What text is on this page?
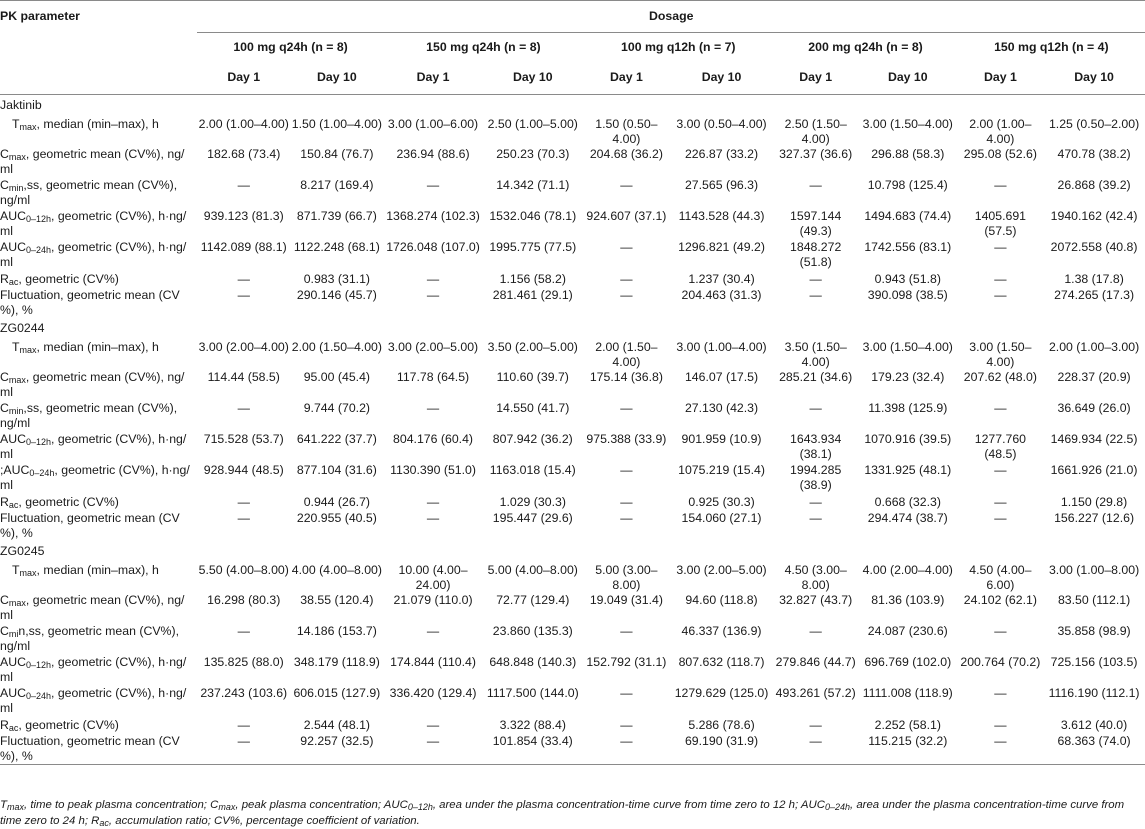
PK parameter	Dosage									
	100 mg q24h (n = 8)		150 mg q24h (n = 8)		100 mg q12h (n = 7)		200 mg q24h (n = 8)		150 mg q12h (n = 4)	
	Day 1	Day 10	Day 1	Day 10	Day 1	Day 10	Day 1	Day 10	Day 1	Day 10
Jaktinib										
$T_{max}$, median (min–max), h	2.00 (1.00–4.00)	1.50 (1.00–4.00)	3.00 (1.00–6.00)	2.50 (1.00–5.00)	1.50 (0.50–4.00)	3.00 (0.50–4.00)	2.50 (1.50–4.00)	3.00 (1.50–4.00)	2.00 (1.00–4.00)	1.25 (0.50–2.00)
$C_{max}$, geometric mean (CV%), ng/ ml	182.68 (73.4)	150.84 (76.7)	236.94 (88.6)	250.23 (70.3)	204.68 (36.2)	226.87 (33.2)	327.37 (36.6)	296.88 (58.3)	295.08 (52.6)	470.78 (38.2)
$C_{min},ss$, geometric mean (CV%), ng/ml	—	8.217 (169.4)	—	14.342 (71.1)	—	27.565 (96.3)	—	10.798 (125.4)	—	26.868 (39.2)
$AUC_{0-12h}$, geometric (CV%), h·ng/ ml	939.123 (81.3)	871.739 (66.7)	1368.274 (102.3)	1532.046 (78.1)	924.607 (37.1)	1143.528 (44.3)	1597.144 (49.3)	1494.683 (74.4)	1405.691 (57.5)	1940.162 (42.4)
$AUC_{0-24h}$, geometric (CV%), h·ng/ ml	1142.089 (88.1)	1122.248 (68.1)	1726.048 (107.0)	1995.775 (77.5)	—	1296.821 (49.2)	1848.272 (51.8)	1742.556 (83.1)	—	2072.558 (40.8)
$R_{ac}$, geometric (CV%)	—	0.983 (31.1)	—	1.156 (58.2)	—	1.237 (30.4)	—	0.943 (51.8)	—	1.38 (17.8)
Fluctuation, geometric mean (CV %), %	—	290.146 (45.7)	—	281.461 (29.1)	—	204.463 (31.3)	—	390.098 (38.5)	—	274.265 (17.3)
ZG0244										
$T_{max}$, median (min–max), h	3.00 (2.00–4.00)	2.00 (1.50–4.00)	3.00 (2.00–5.00)	3.50 (2.00–5.00)	2.00 (1.50–4.00)	3.00 (1.00–4.00)	3.50 (1.50–4.00)	3.00 (1.50–4.00)	3.00 (1.50–4.00)	2.00 (1.00–3.00)
$C_{max}$, geometric mean (CV%), ng/ ml	114.44 (58.5)	95.00 (45.4)	117.78 (64.5)	110.60 (39.7)	175.14 (36.8)	146.07 (17.5)	285.21 (34.6)	179.23 (32.4)	207.62 (48.0)	228.37 (20.9)
$C_{min},ss$, geometric mean (CV%), ng/ml	—	9.744 (70.2)	—	14.550 (41.7)	—	27.130 (42.3)	—	11.398 (125.9)	—	36.649 (26.0)
$AUC_{0-12h}$, geometric (CV%), h·ng/ ml	715.528 (53.7)	641.222 (37.7)	804.176 (60.4)	807.942 (36.2)	975.388 (33.9)	901.959 (10.9)	1643.934 (38.1)	1070.916 (39.5)	1277.760 (48.5)	1469.934 (22.5)
$;AUC_{0-24h}$, geometric (CV%), h·ng/ ml	928.944 (48.5)	877.104 (31.6)	1130.390 (51.0)	1163.018 (15.4)	—	1075.219 (15.4)	1994.285 (38.9)	1331.925 (48.1)	—	1661.926 (21.0)
$R_{ac}$, geometric (CV%)	—	0.944 (26.7)	—	1.029 (30.3)	—	0.925 (30.3)	—	0.668 (32.3)	—	1.150 (29.8)
Fluctuation, geometric mean (CV %), %	—	220.955 (40.5)	—	195.447 (29.6)	—	154.060 (27.1)	—	294.474 (38.7)	—	156.227 (12.6)
ZG0245										
$T_{max}$, median (min–max), h	5.50 (4.00–8.00)	4.00 (4.00–8.00)	10.00 (4.00–24.00)	5.00 (4.00–8.00)	5.00 (3.00–8.00)	3.00 (2.00–5.00)	4.50 (3.00–8.00)	4.00 (2.00–4.00)	4.50 (4.00–6.00)	3.00 (1.00–8.00)
$C_{max}$, geometric mean (CV%), ng/ ml	16.298 (80.3)	38.55 (120.4)	21.079 (110.0)	72.77 (129.4)	19.049 (31.4)	94.60 (118.8)	32.827 (43.7)	81.36 (103.9)	24.102 (62.1)	83.50 (112.1)
$C_{mi}n,ss$, geometric mean (CV%), ng/ml	—	14.186 (153.7)	—	23.860 (135.3)	—	46.337 (136.9)	—	24.087 (230.6)	—	35.858 (98.9)
$AUC_{0-12h}$, geometric (CV%), h·ng/ ml	135.825 (88.0)	348.179 (118.9)	174.844 (110.4)	648.848 (140.3)	152.792 (31.1)	807.632 (118.7)	279.846 (44.7)	696.769 (102.0)	200.764 (70.2)	725.156 (103.5)
$AUC_{0-24h}$, geometric (CV%), h·ng/ ml	237.243 (103.6)	606.015 (127.9)	336.420 (129.4)	1117.500 (144.0)	—	1279.629 (125.0)	493.261 (57.2)	1111.008 (118.9)	—	1116.190 (112.1)
$R_{ac}$, geometric (CV%)	—	2.544 (48.1)	—	3.322 (88.4)	—	5.286 (78.6)	—	2.252 (58.1)	—	3.612 (40.0)
Fluctuation, geometric mean (CV %), %	—	92.257 (32.5)	—	101.854 (33.4)	—	69.190 (31.9)	—	115.215 (32.2)	—	68.363 (74.0)
$T_{max}$, time to peak plasma concentration; $C_{max}$, peak plasma concentration; $AUC_{0-12h}$, area under the plasma concentration-time curve from time zero to 12 h; $AUC_{0-24h}$, area under the plasma concentration-time curve from time zero to 24 h; $R_{ac}$, accumulation ratio; CV%, percentage coefficient of variation.
